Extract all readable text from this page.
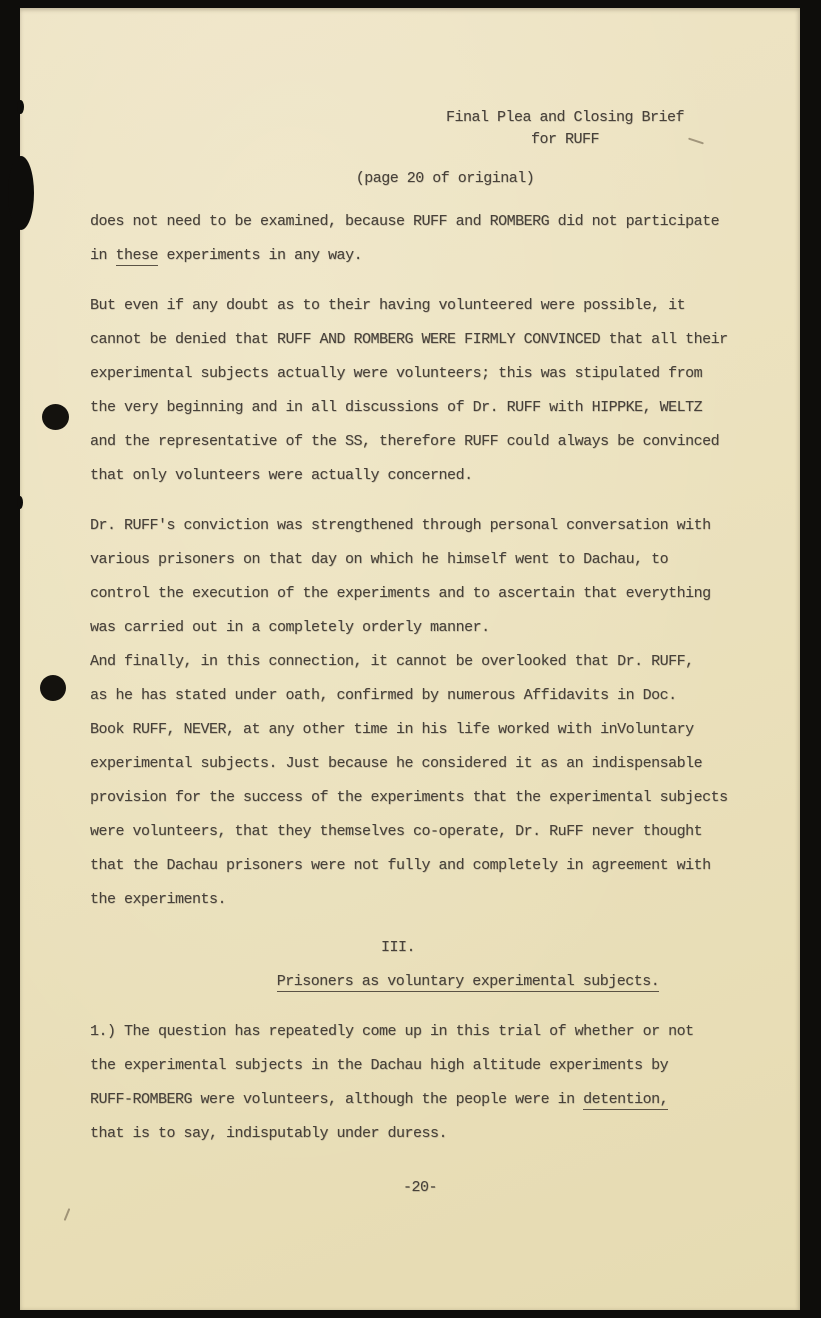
Final Plea and Closing Brief
for RUFF
(page 20 of original)
does not need to be examined, because RUFF and ROMBERG did not participate
in these experiments in any way.
But even if any doubt as to their having volunteered were possible, it
cannot be denied that RUFF AND ROMBERG WERE FIRMLY CONVINCED that all their
experimental subjects actually were volunteers; this was stipulated from
the very beginning and in all discussions of Dr. RUFF with HIPPKE, WELTZ
and the representative of the SS, therefore RUFF could always be convinced
that only volunteers were actually concerned.
Dr. RUFF's conviction was strengthened through personal conversation with
various prisoners on that day on which he himself went to Dachau, to
control the execution of the experiments and to ascertain that everything
was carried out in a completely orderly manner.
And finally, in this connection, it cannot be overlooked that Dr. RUFF,
as he has stated under oath, confirmed by numerous Affidavits in Doc.
Book RUFF, NEVER, at any other time in his life worked with inVoluntary
experimental subjects. Just because he considered it as an indispensable
provision for the success of the experiments that the experimental subjects
were volunteers, that they themselves co-operate, Dr. RuFF never thought
that the Dachau prisoners were not fully and completely in agreement with
the experiments.
III.
Prisoners as voluntary experimental subjects.
1.) The question has repeatedly come up in this trial of whether or not
the experimental subjects in the Dachau high altitude experiments by
RUFF-ROMBERG were volunteers, although the people were in detention,
that is to say, indisputably under duress.
-20-
